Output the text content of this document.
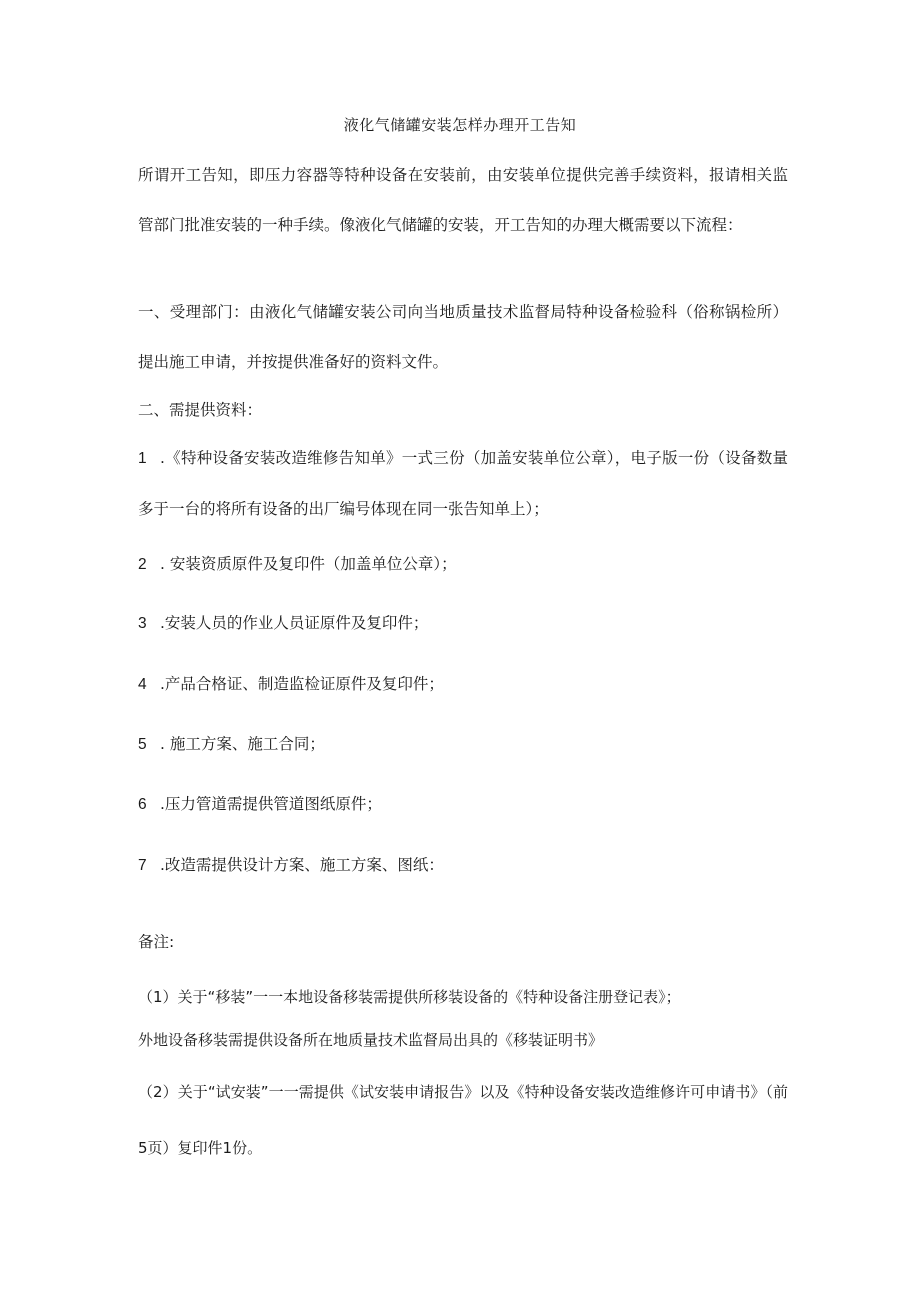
液化气储罐安装怎样办理开工告知

所谓开工告知，即压力容器等特种设备在安装前，由安装单位提供完善手续资料，报请相关监管部门批准安装的一种手续。像液化气储罐的安装，开工告知的办理大概需要以下流程：

一、受理部门：由液化气储罐安装公司向当地质量技术监督局特种设备检验科（俗称锅检所）提出施工申请，并按提供准备好的资料文件。

二、需提供资料：

1 .《特种设备安装改造维修告知单》一式三份（加盖安装单位公章），电子版一份（设备数量多于一台的将所有设备的出厂编号体现在同一张告知单上）；

2 . 安装资质原件及复印件（加盖单位公章）；

3 .安装人员的作业人员证原件及复印件；

4 .产品合格证、制造监检证原件及复印件；

5 . 施工方案、施工合同；

6 .压力管道需提供管道图纸原件；

7 .改造需提供设计方案、施工方案、图纸：

备注:

（1）关于“移装”一一本地设备移装需提供所移装设备的《特种设备注册登记表》；

外地设备移装需提供设备所在地质量技术监督局出具的《移装证明书》

（2）关于“试安装”一一需提供《试安装申请报告》以及《特种设备安装改造维修许可申请书》（前5页）复印件1份。
